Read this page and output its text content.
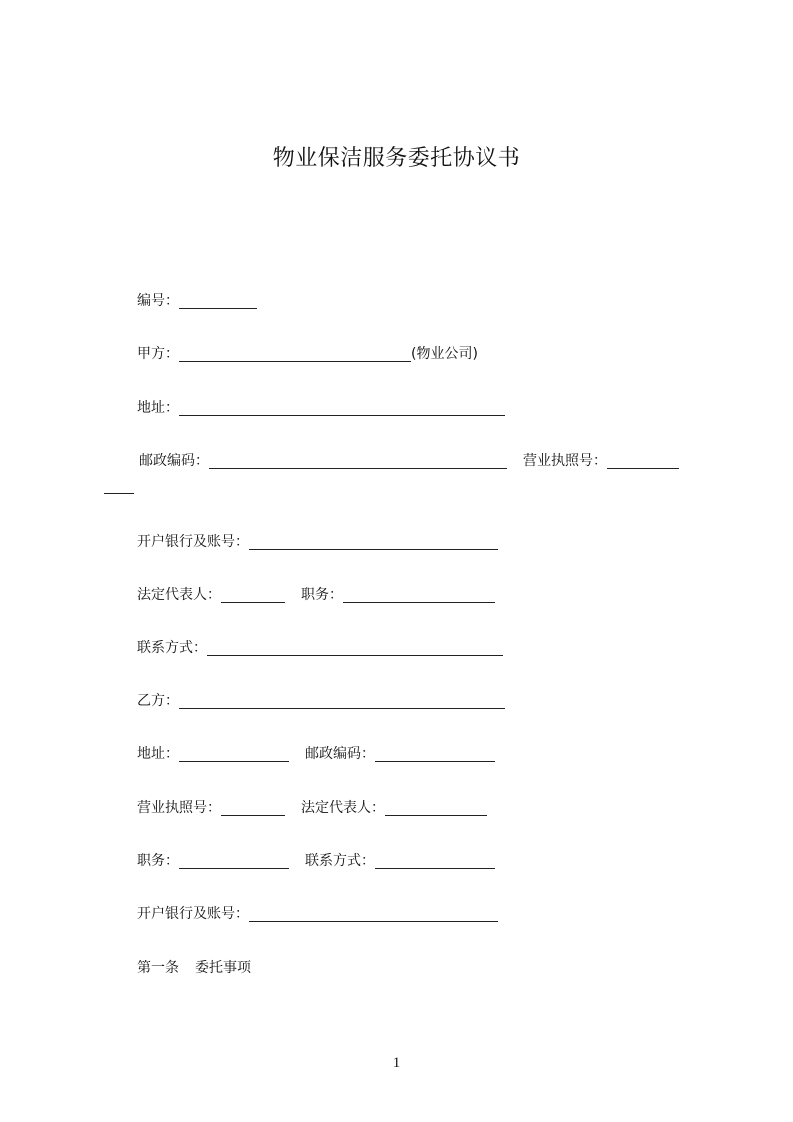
物业保洁服务委托协议书
编号：
甲方：	(物业公司)
地址：
邮政编码：	营业执照号：
开户银行及账号：
法定代表人：	职务：
联系方式：
乙方：
地址：	邮政编码：
营业执照号：	法定代表人：
职务：	联系方式：
开户银行及账号：
第一条 委托事项
1
